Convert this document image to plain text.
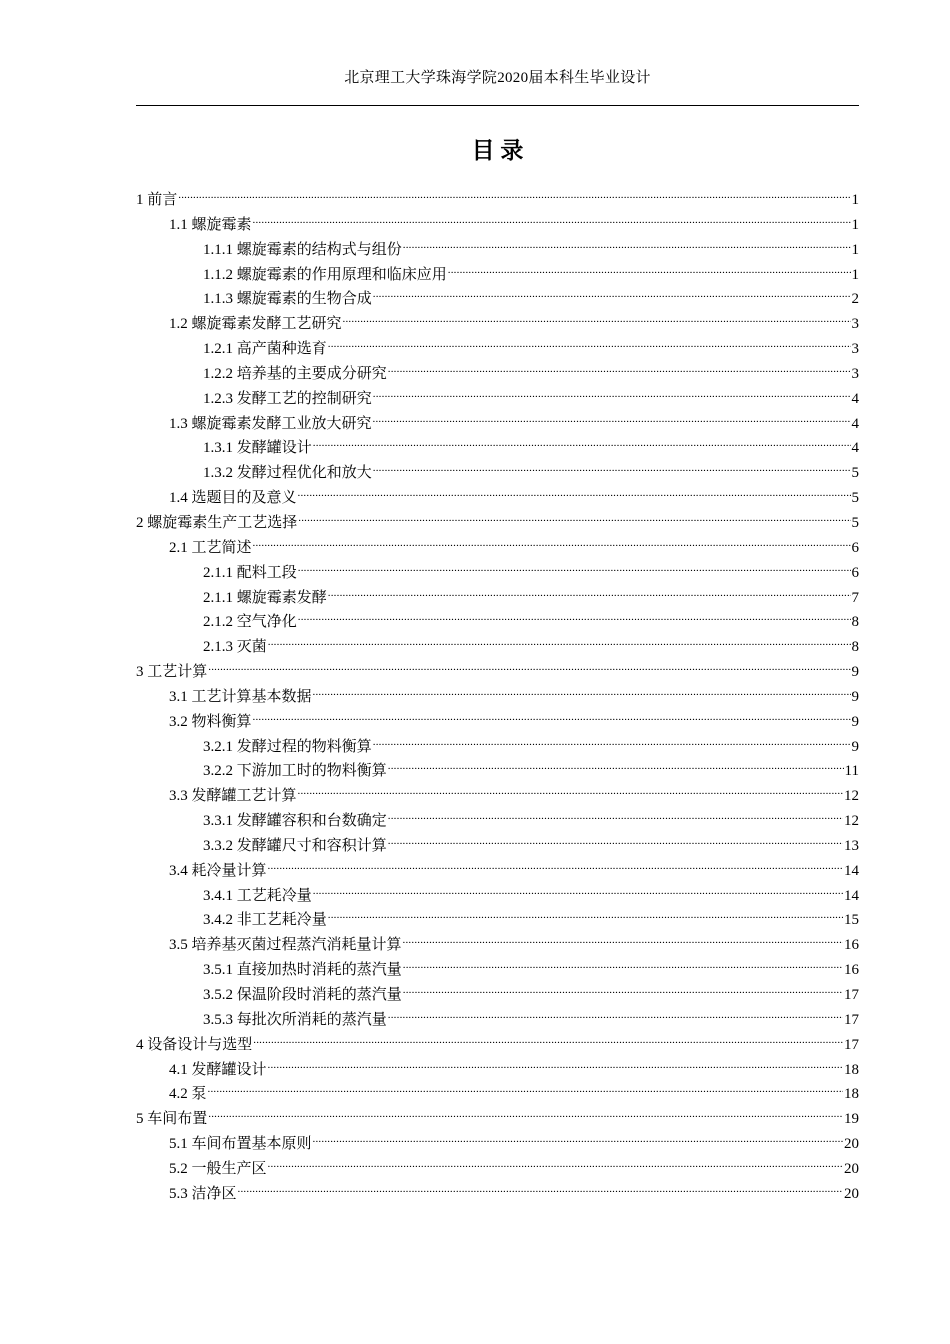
北京理工大学珠海学院2020届本科生毕业设计
目 录
1 前言 .....	1
1.1 螺旋霉素 .....	1
1.1.1 螺旋霉素的结构式与组份 .....	1
1.1.2 螺旋霉素的作用原理和临床应用 .....	1
1.1.3 螺旋霉素的生物合成 .....	2
1.2 螺旋霉素发酵工艺研究 .....	3
1.2.1 高产菌种选育 .....	3
1.2.2 培养基的主要成分研究 .....	3
1.2.3 发酵工艺的控制研究 .....	4
1.3 螺旋霉素发酵工业放大研究 .....	4
1.3.1 发酵罐设计 .....	4
1.3.2 发酵过程优化和放大 .....	5
1.4 选题目的及意义 .....	5
2 螺旋霉素生产工艺选择 .....	5
2.1 工艺简述 .....	6
2.1.1 配料工段 .....	6
2.1.1 螺旋霉素发酵 .....	7
2.1.2 空气净化 .....	8
2.1.3 灭菌 .....	8
3 工艺计算 .....	9
3.1 工艺计算基本数据 .....	9
3.2 物料衡算 .....	9
3.2.1 发酵过程的物料衡算 .....	9
3.2.2 下游加工时的物料衡算 .....	11
3.3 发酵罐工艺计算 .....	12
3.3.1 发酵罐容积和台数确定 .....	12
3.3.2 发酵罐尺寸和容积计算 .....	13
3.4 耗冷量计算 .....	14
3.4.1 工艺耗冷量 .....	14
3.4.2 非工艺耗冷量 .....	15
3.5 培养基灭菌过程蒸汽消耗量计算 .....	16
3.5.1 直接加热时消耗的蒸汽量 .....	16
3.5.2 保温阶段时消耗的蒸汽量 .....	17
3.5.3 每批次所消耗的蒸汽量 .....	17
4 设备设计与选型 .....	17
4.1 发酵罐设计 .....	18
4.2 泵 .....	18
5 车间布置 .....	19
5.1 车间布置基本原则 .....	20
5.2 一般生产区 .....	20
5.3 洁净区 .....	20
